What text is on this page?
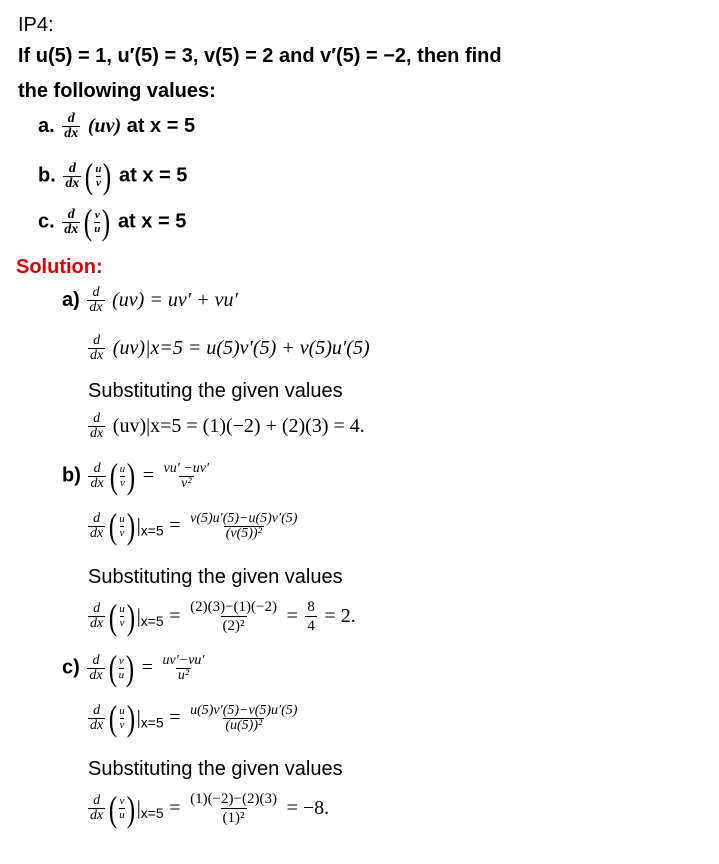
IP4:
If u(5) = 1, u′(5) = 3, v(5) = 2 and v′(5) = −2, then find
the following values:
a. $\frac{d}{dx} (uv)$ at x = 5
b. $\frac{d}{dx}$ ( $\frac{u}{v}$ ) at x = 5
c. $\frac{d}{dx}$ ( $\frac{v}{u}$ ) at x = 5
Solution:
$a) \frac{d}{dx} (uv) = uv' + vu'$
$\frac{d}{dx} (uv)|x=5 = u(5)v'(5) + v(5)u'(5)$
Substituting the given values
$\frac{d}{dx} (uv)|x=5 = (1)(-2) + (2)(3) = 4$.
$b) \frac{d}{dx}$ ( $\frac{u}{v}$ ) = $\frac{vu' -uv'}{\text{v²}}$
$\frac{d}{dx}$ ( $\frac{u}{v} )|_{x=5} = \frac{v(5)u'(5)-u(5)v'(5)}{\text{(v(5))²}}$
Substituting the given values
$\frac{d}{dx}$ ( $\frac{u}{v} )|_{x=5} = \frac{(2)(3)-(1)(-2)}{\text{(2)²}} = \frac{8}{4} = 2$.
$c) \frac{d}{dx}$ ( $\frac{v}{u}$ ) = $\frac{uv'-vu'}{\text{u²}}$
$\frac{d}{dx}$ ( $\frac{u}{v} )|_{x=5} = \frac{u(5)v'(5)-v(5)u'(5)}{\text{(u(5))²}}$
Substituting the given values
$\frac{d}{dx}$ ( $\frac{v}{u} )|_{x=5} = \frac{(1)(-2)-(2)(3)}{\text{(1)²}} = -8$.
